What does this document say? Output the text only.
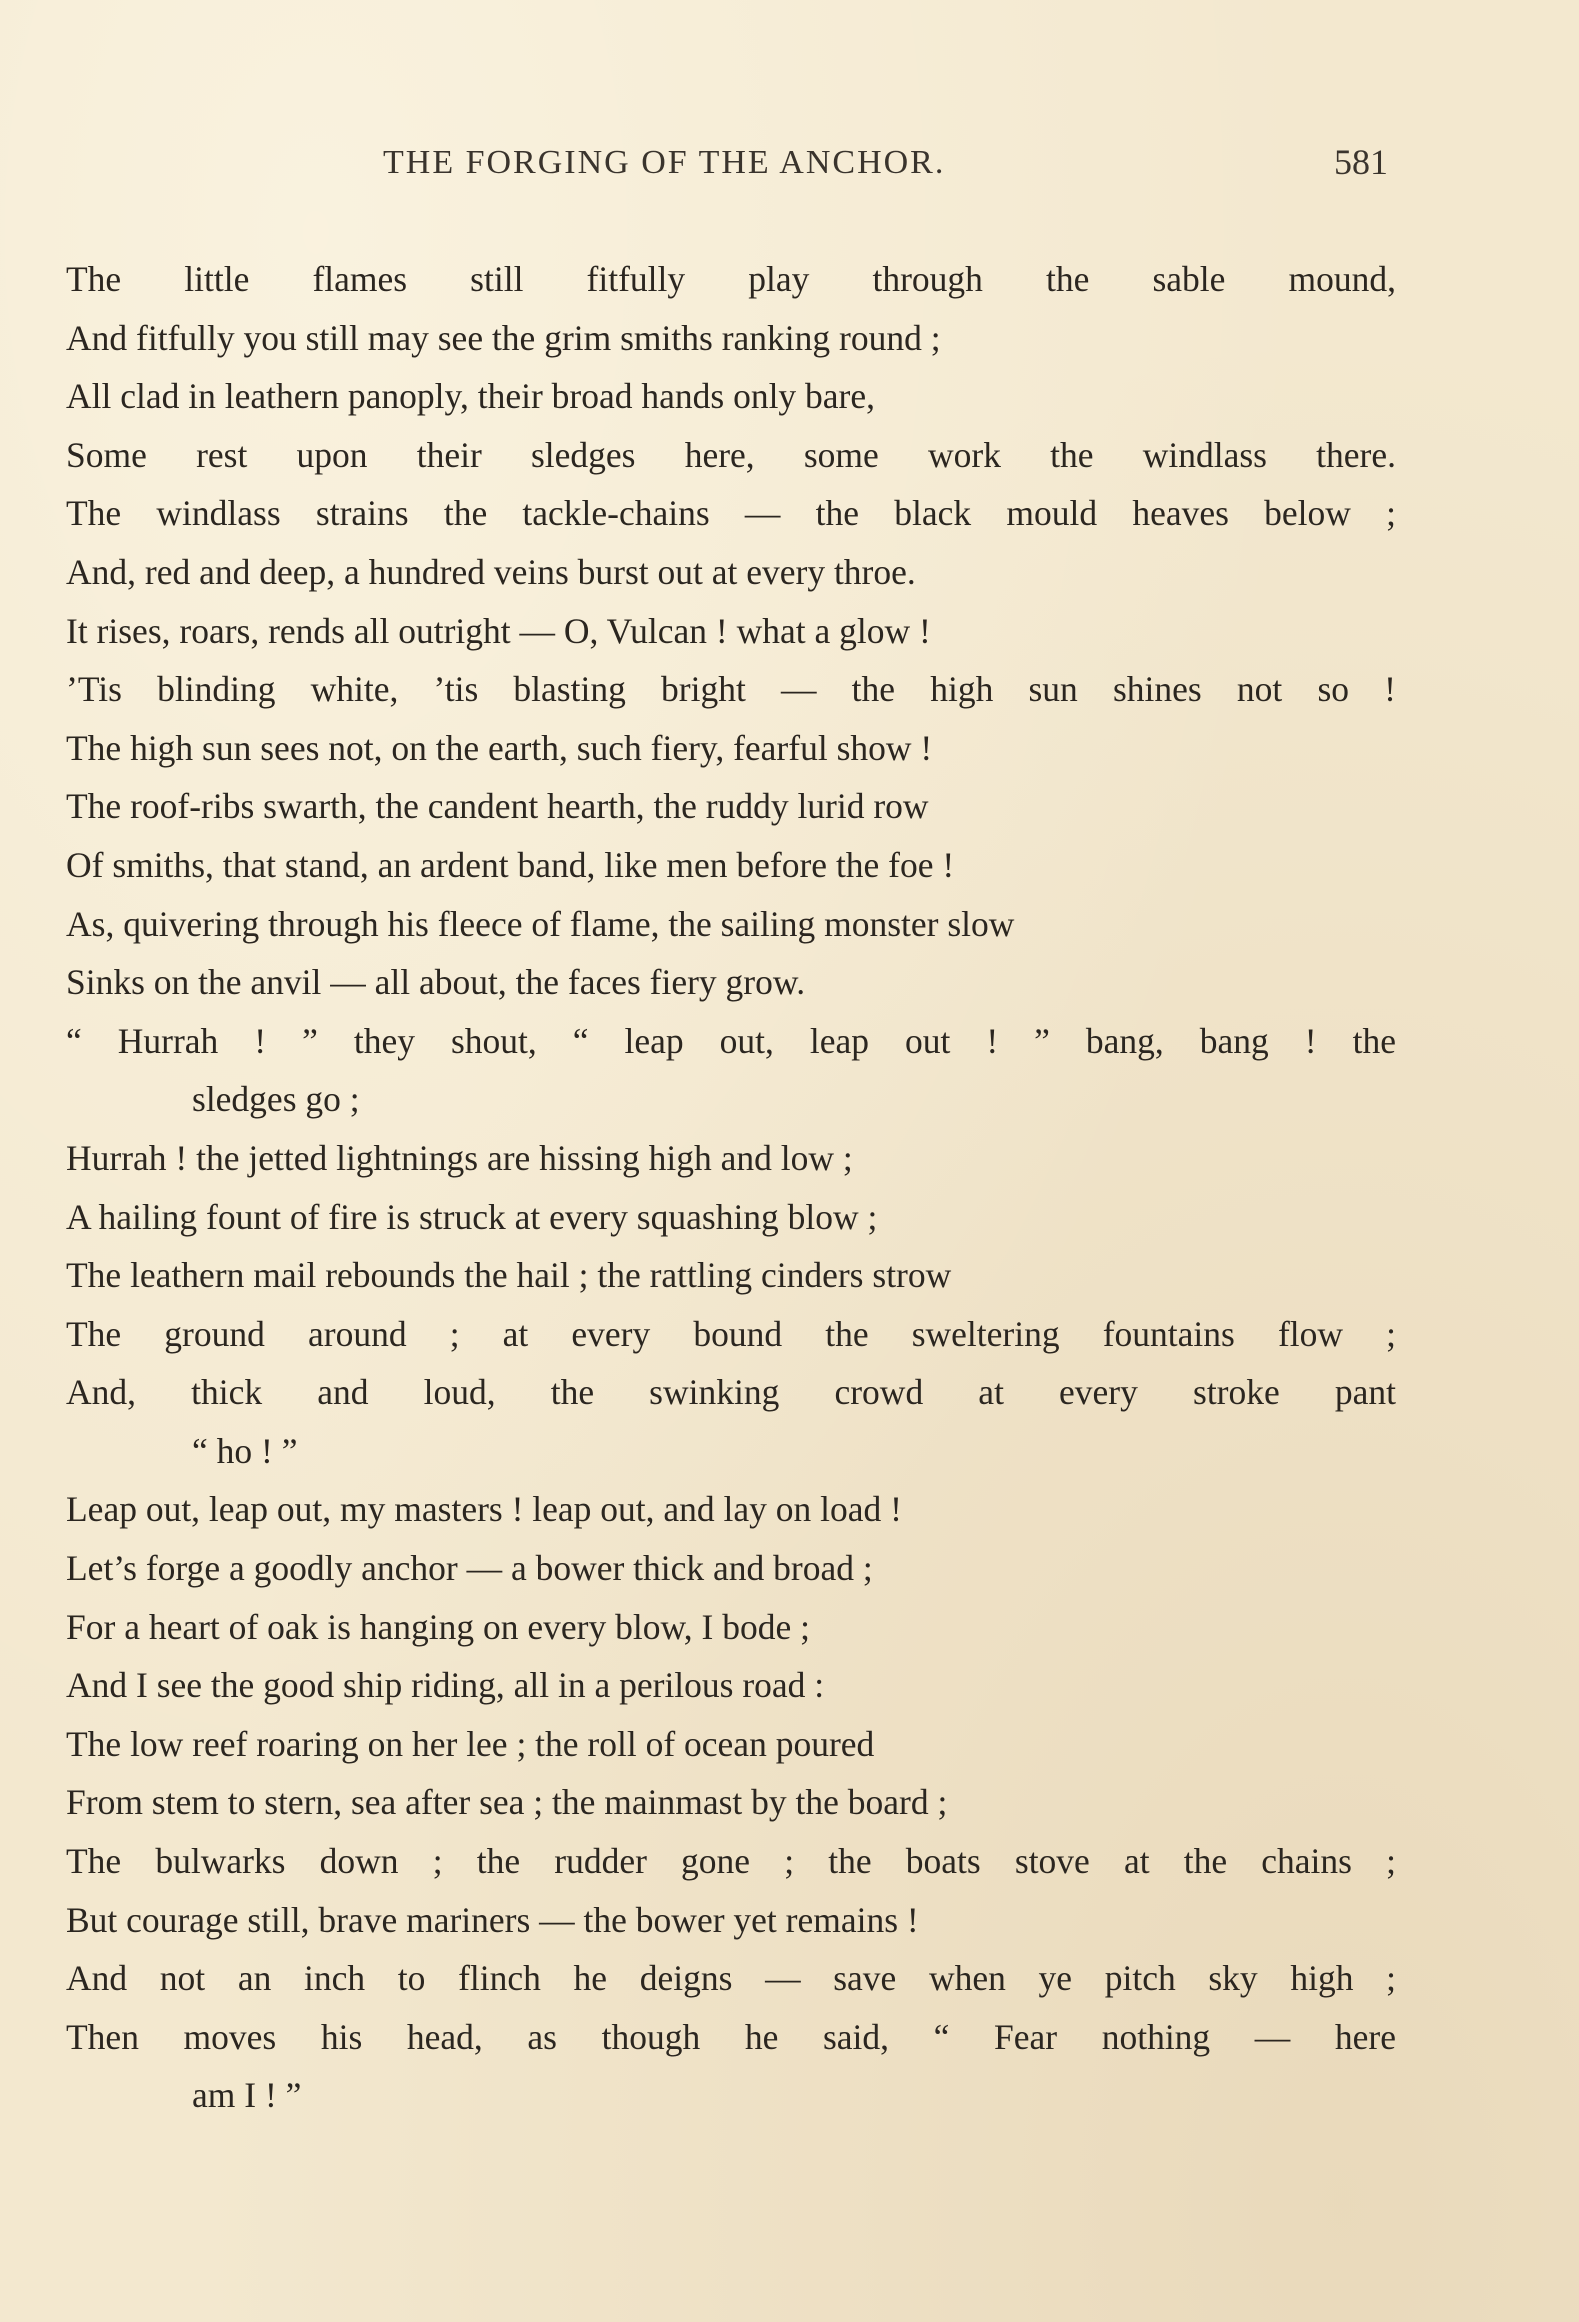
THE FORGING OF THE ANCHOR.	581
The little flames still fitfully play through the sable mound,
And fitfully you still may see the grim smiths ranking round ;
All clad in leathern panoply, their broad hands only bare,
Some rest upon their sledges here, some work the windlass there.
The windlass strains the tackle-chains — the black mould heaves below ;
And, red and deep, a hundred veins burst out at every throe.
It rises, roars, rends all outright — O, Vulcan ! what a glow !
’Tis blinding white, ’tis blasting bright — the high sun shines not so !
The high sun sees not, on the earth, such fiery, fearful show !
The roof-ribs swarth, the candent hearth, the ruddy lurid row
Of smiths, that stand, an ardent band, like men before the foe !
As, quivering through his fleece of flame, the sailing monster slow
Sinks on the anvil — all about, the faces fiery grow.
“ Hurrah ! ” they shout, “ leap out, leap out ! ” bang, bang ! the
sledges go ;
Hurrah ! the jetted lightnings are hissing high and low ;
A hailing fount of fire is struck at every squashing blow ;
The leathern mail rebounds the hail ; the rattling cinders strow
The ground around ; at every bound the sweltering fountains flow ;
And, thick and loud, the swinking crowd at every stroke pant
“ ho ! ”
Leap out, leap out, my masters ! leap out, and lay on load !
Let’s forge a goodly anchor — a bower thick and broad ;
For a heart of oak is hanging on every blow, I bode ;
And I see the good ship riding, all in a perilous road :
The low reef roaring on her lee ; the roll of ocean poured
From stem to stern, sea after sea ; the mainmast by the board ;
The bulwarks down ; the rudder gone ; the boats stove at the chains ;
But courage still, brave mariners — the bower yet remains !
And not an inch to flinch he deigns — save when ye pitch sky high ;
Then moves his head, as though he said, “ Fear nothing — here
am I ! ”
